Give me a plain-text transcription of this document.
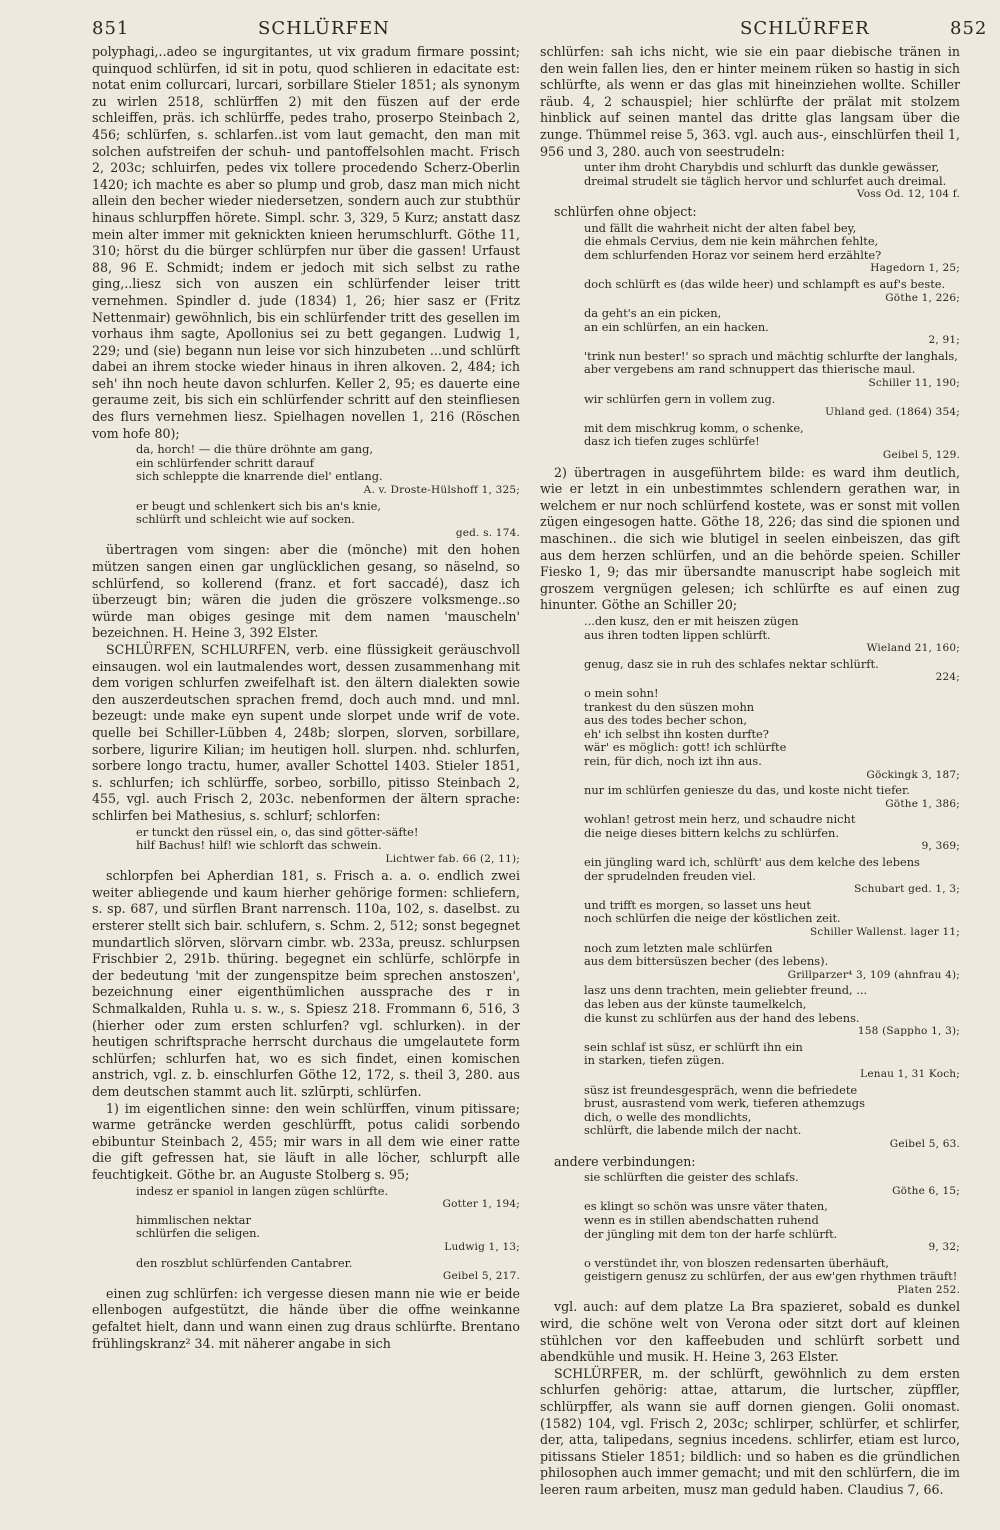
851	SCHLÜRFEN	SCHLÜRFER	852

polyphagi,..adeo se ingurgitantes, ut vix gradum firmare possint; quinquod schlürfen, id sit in potu, quod schlieren in edacitate est: notat enim collurcari, lurcari, sorbillare Stieler 1851; als synonym zu wirlen 2518, schlürffen 2) mit den füszen auf der erde schleiffen, präs. ich schlürffe, pedes traho, proserpo Steinbach 2, 456; schlürfen, s. schlarfen..ist vom laut gemacht, den man mit solchen aufstreifen der schuh- und pantoffelsohlen macht. Frisch 2, 203c; schluirfen, pedes vix tollere procedendo Scherz-Oberlin 1420; ich machte es aber so plump und grob, dasz man mich nicht allein den becher wieder niedersetzen, sondern auch zur stubthür hinaus schlurpffen hörete. Simpl. schr. 3, 329, 5 Kurz; anstatt dasz mein alter immer mit geknickten knieen herumschlurft. Göthe 11, 310; hörst du die bürger schlürpfen nur über die gassen! Urfaust 88, 96 E. Schmidt; indem er jedoch mit sich selbst zu rathe ging,..liesz sich von auszen ein schlürfender leiser tritt vernehmen. Spindler d. jude (1834) 1, 26; hier sasz er (Fritz Nettenmair) gewöhnlich, bis ein schlürfender tritt des gesellen im vorhaus ihm sagte, Apollonius sei zu bett gegangen. Ludwig 1, 229; und (sie) begann nun leise vor sich hinzubeten ...und schlürft dabei an ihrem stocke wieder hinaus in ihren alkoven. 2, 484; ich seh' ihn noch heute davon schlurfen. Keller 2, 95; es dauerte eine geraume zeit, bis sich ein schlürfender schritt auf den steinfliesen des flurs vernehmen liesz. Spielhagen novellen 1, 216 (Röschen vom hofe 80);

da, horch! — die thüre dröhnte am gang,
ein schlürfender schritt darauf
sich schleppte die knarrende diel' entlang.
A. v. Droste-Hülshoff 1, 325;
er beugt und schlenkert sich bis an's knie,
schlürft und schleicht wie auf socken.
ged. s. 174.

übertragen vom singen: aber die (mönche) mit den hohen mützen sangen einen gar unglücklichen gesang, so näselnd, so schlürfend, so kollerend (franz. et fort saccadé), dasz ich überzeugt bin; wären die juden die gröszere volksmenge..so würde man obiges gesinge mit dem namen 'mauscheln' bezeichnen. H. Heine 3, 392 Elster.

SCHLÜRFEN, SCHLURFEN, verb. eine flüssigkeit geräuschvoll einsaugen. wol ein lautmalendes wort, dessen zusammenhang mit dem vorigen schlurfen zweifelhaft ist. den ältern dialekten sowie den auszerdeutschen sprachen fremd, doch auch mnd. und mnl. bezeugt: unde make eyn supent unde slorpet unde wrif de vote. quelle bei Schiller-Lübben 4, 248b; slorpen, slorven, sorbillare, sorbere, ligurire Kilian; im heutigen holl. slurpen. nhd. schlurfen, sorbere longo tractu, humer, avaller Schottel 1403. Stieler 1851, s. schlurfen; ich schlürffe, sorbeo, sorbillo, pitisso Steinbach 2, 455, vgl. auch Frisch 2, 203c. nebenformen der ältern sprache: schlirfen bei Mathesius, s. schlurf; schlorfen:

er tunckt den rüssel ein, o, das sind götter-säfte!
hilf Bachus! hilf! wie schlorft das schwein.
Lichtwer fab. 66 (2, 11);

schlorpfen bei Apherdian 181, s. Frisch a. a. o. endlich zwei weiter abliegende und kaum hierher gehörige formen: schliefern, s. sp. 687, und sürflen Brant narrensch. 110a, 102, s. daselbst. zu ersterer stellt sich bair. schlufern, s. Schm. 2, 512; sonst begegnet mundartlich slörven, slörvarn cimbr. wb. 233a, preusz. schlurpsen Frischbier 2, 291b. thüring. begegnet ein schlürfe, schlörpfe in der bedeutung 'mit der zungenspitze beim sprechen anstoszen', bezeichnung einer eigenthümlichen aussprache des r in Schmalkalden, Ruhla u. s. w., s. Spiesz 218. Frommann 6, 516, 3 (hierher oder zum ersten schlurfen? vgl. schlurken). in der heutigen schriftsprache herrscht durchaus die umgelautete form schlürfen; schlurfen hat, wo es sich findet, einen komischen anstrich, vgl. z. b. einschlurfen Göthe 12, 172, s. theil 3, 280. aus dem deutschen stammt auch lit. szlūrpti, schlürfen.

1) im eigentlichen sinne: den wein schlürffen, vinum pitissare; warme geträncke werden geschlürfft, potus calidi sorbendo ebibuntur Steinbach 2, 455; mir wars in all dem wie einer ratte die gift gefressen hat, sie läuft in alle löcher, schlurpft alle feuchtigkeit. Göthe br. an Auguste Stolberg s. 95;

indesz er spaniol in langen zügen schlürfte.
Gotter 1, 194;
himmlischen nektar
schlürfen die seligen.
Ludwig 1, 13;
den roszblut schlürfenden Cantabrer.
Geibel 5, 217.

einen zug schlürfen: ich vergesse diesen mann nie wie er beide ellenbogen aufgestützt, die hände über die offne weinkanne gefaltet hielt, dann und wann einen zug draus schlürfte. Brentano frühlingskranz² 34. mit näherer angabe in sich

schlürfen: sah ichs nicht, wie sie ein paar diebische tränen in den wein fallen lies, den er hinter meinem rüken so hastig in sich schlürfte, als wenn er das glas mit hineinziehen wollte. Schiller räub. 4, 2 schauspiel; hier schlürfte der prälat mit stolzem hinblick auf seinen mantel das dritte glas langsam über die zunge. Thümmel reise 5, 363. vgl. auch aus-, einschlürfen theil 1, 956 und 3, 280. auch von seestrudeln:

unter ihm droht Charybdis und schlurft das dunkle gewässer,
dreimal strudelt sie täglich hervor und schlurfet auch dreimal.
Voss Od. 12, 104 f.

schlürfen ohne object:

und fällt die wahrheit nicht der alten fabel bey,
die ehmals Cervius, dem nie kein mährchen fehlte,
dem schlurfenden Horaz vor seinem herd erzählte?
Hagedorn 1, 25;
doch schlürft es (das wilde heer) und schlampft es auf's beste.
Göthe 1, 226;
da geht's an ein picken,
an ein schlürfen, an ein hacken.
2, 91;
'trink nun bester!' so sprach und mächtig schlurfte der langhals,
aber vergebens am rand schnuppert das thierische maul.
Schiller 11, 190;
wir schlürfen gern in vollem zug.
Uhland ged. (1864) 354;
mit dem mischkrug komm, o schenke,
dasz ich tiefen zuges schlürfe!
Geibel 5, 129.

2) übertragen in ausgeführtem bilde: es ward ihm deutlich, wie er letzt in ein unbestimmtes schlendern gerathen war, in welchem er nur noch schlürfend kostete, was er sonst mit vollen zügen eingesogen hatte. Göthe 18, 226; das sind die spionen und maschinen.. die sich wie blutigel in seelen einbeiszen, das gift aus dem herzen schlürfen, und an die behörde speien. Schiller Fiesko 1, 9; das mir übersandte manuscript habe sogleich mit groszem vergnügen gelesen; ich schlürfte es auf einen zug hinunter. Göthe an Schiller 20;

...den kusz, den er mit heiszen zügen
aus ihren todten lippen schlürft.
Wieland 21, 160;
genug, dasz sie in ruh des schlafes nektar schlürft.
224;
o mein sohn!
trankest du den süszen mohn
aus des todes becher schon,
eh' ich selbst ihn kosten durfte?
wär' es möglich: gott! ich schlürfte
rein, für dich, noch izt ihn aus.
Göckingk 3, 187;
nur im schlürfen geniesze du das, und koste nicht tiefer.
Göthe 1, 386;
wohlan! getrost mein herz, und schaudre nicht
die neige dieses bittern kelchs zu schlürfen.
9, 369;
ein jüngling ward ich, schlürft' aus dem kelche des lebens
der sprudelnden freuden viel.
Schubart ged. 1, 3;
und trifft es morgen, so lasset uns heut
noch schlürfen die neige der köstlichen zeit.
Schiller Wallenst. lager 11;
noch zum letzten male schlürfen
aus dem bittersüszen becher (des lebens).
Grillparzer⁴ 3, 109 (ahnfrau 4);
lasz uns denn trachten, mein geliebter freund, ...
das leben aus der künste taumelkelch,
die kunst zu schlürfen aus der hand des lebens.
158 (Sappho 1, 3);
sein schlaf ist süsz, er schlürft ihn ein
in starken, tiefen zügen.
Lenau 1, 31 Koch;
süsz ist freundesgespräch, wenn die befriedete
brust, ausrastend vom werk, tieferen athemzugs
dich, o welle des mondlichts,
schlürft, die labende milch der nacht.
Geibel 5, 63.

andere verbindungen:

sie schlürften die geister des schlafs.
Göthe 6, 15;
es klingt so schön was unsre väter thaten,
wenn es in stillen abendschatten ruhend
der jüngling mit dem ton der harfe schlürft.
9, 32;
o verstündet ihr, von bloszen redensarten überhäuft,
geistigern genusz zu schlürfen, der aus ew'gen rhythmen träuft!
Platen 252.

vgl. auch: auf dem platze La Bra spazieret, sobald es dunkel wird, die schöne welt von Verona oder sitzt dort auf kleinen stühlchen vor den kaffeebuden und schlürft sorbett und abendkühle und musik. H. Heine 3, 263 Elster.

SCHLÜRFER, m. der schlürft, gewöhnlich zu dem ersten schlurfen gehörig: attae, attarum, die lurtscher, züpffler, schlürpffer, als wann sie auff dornen giengen. Golii onomast. (1582) 104, vgl. Frisch 2, 203c; schlirper, schlürfer, et schlirfer, der, atta, talipedans, segnius incedens. schlirfer, etiam est lurco, pitissans Stieler 1851; bildlich: und so haben es die gründlichen philosophen auch immer gemacht; und mit den schlürfern, die im leeren raum arbeiten, musz man geduld haben. Claudius 7, 66.
